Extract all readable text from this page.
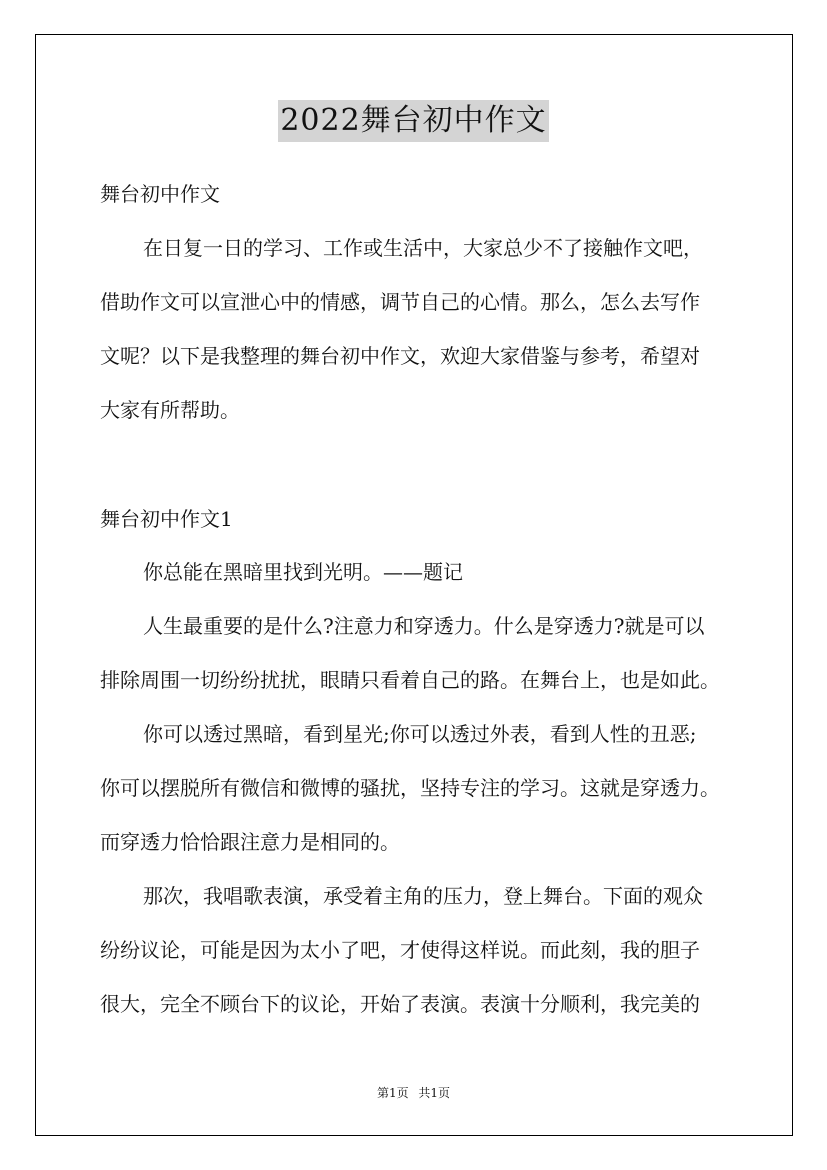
2022舞台初中作文
舞台初中作文
在日复一日的学习、工作或生活中，大家总少不了接触作文吧，
借助作文可以宣泄心中的情感，调节自己的心情。那么，怎么去写作
文呢？以下是我整理的舞台初中作文，欢迎大家借鉴与参考，希望对
大家有所帮助。
舞台初中作文1
你总能在黑暗里找到光明。——题记
人生最重要的是什么?注意力和穿透力。什么是穿透力?就是可以
排除周围一切纷纷扰扰，眼睛只看着自己的路。在舞台上，也是如此。
你可以透过黑暗，看到星光;你可以透过外表，看到人性的丑恶;
你可以摆脱所有微信和微博的骚扰，坚持专注的学习。这就是穿透力。
而穿透力恰恰跟注意力是相同的。
那次，我唱歌表演，承受着主角的压力，登上舞台。下面的观众
纷纷议论，可能是因为太小了吧，才使得这样说。而此刻，我的胆子
很大，完全不顾台下的议论，开始了表演。表演十分顺利，我完美的
第1页 共1页
